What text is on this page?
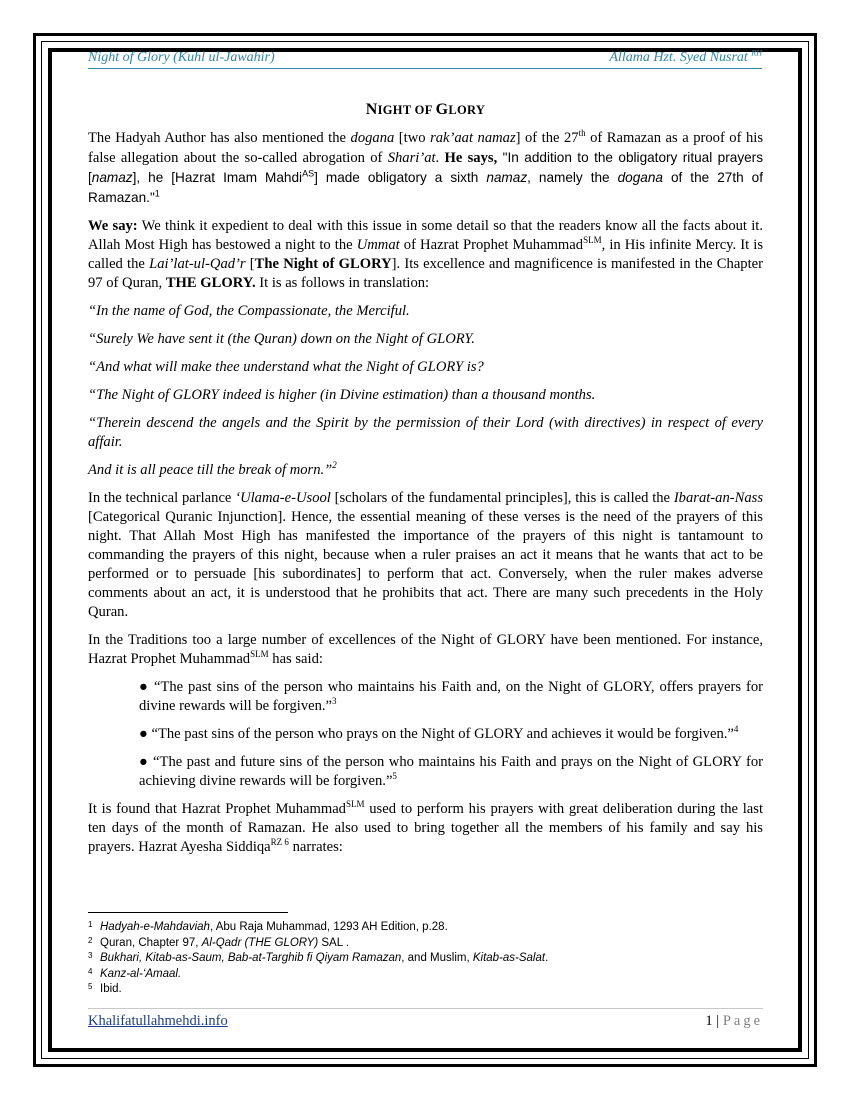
Night of Glory (Kuhl ul-Jawahir)	Allama Hzt. Syed Nusrat $^{RH}$
NIGHT OF GLORY

The Hadyah Author has also mentioned the dogana [two rak’aat namaz] of the 27th of Ramazan as a proof of his false allegation about the so-called abrogation of Shari’at. He says, "In addition to the obligatory ritual prayers [namaz], he [Hazrat Imam Mahdi$^{AS}$] made obligatory a sixth namaz, namely the dogana of the 27th of Ramazan."$^1$

We say: We think it expedient to deal with this issue in some detail so that the readers know all the facts about it. Allah Most High has bestowed a night to the Ummat of Hazrat Prophet Muhammad$^{SLM}$, in His infinite Mercy. It is called the Lai’lat-ul-Qad’r [The Night of GLORY]. Its excellence and magnificence is manifested in the Chapter 97 of Quran, THE GLORY. It is as follows in translation:

“In the name of God, the Compassionate, the Merciful.

“Surely We have sent it (the Quran) down on the Night of GLORY.

“And what will make thee understand what the Night of GLORY is?

“The Night of GLORY indeed is higher (in Divine estimation) than a thousand months.

“Therein descend the angels and the Spirit by the permission of their Lord (with directives) in respect of every affair.

And it is all peace till the break of morn.”$^2$

In the technical parlance ‘Ulama-e-Usool [scholars of the fundamental principles], this is called the Ibarat-an-Nass [Categorical Quranic Injunction]. Hence, the essential meaning of these verses is the need of the prayers of this night. That Allah Most High has manifested the importance of the prayers of this night is tantamount to commanding the prayers of this night, because when a ruler praises an act it means that he wants that act to be performed or to persuade [his subordinates] to perform that act. Conversely, when the ruler makes adverse comments about an act, it is understood that he prohibits that act. There are many such precedents in the Holy Quran.

In the Traditions too a large number of excellences of the Night of GLORY have been mentioned. For instance, Hazrat Prophet Muhammad$^{SLM}$ has said:

● “The past sins of the person who maintains his Faith and, on the Night of GLORY, offers prayers for divine rewards will be forgiven.”$^3$

● “The past sins of the person who prays on the Night of GLORY and achieves it would be forgiven.”$^4$

● “The past and future sins of the person who maintains his Faith and prays on the Night of GLORY for achieving divine rewards will be forgiven.”$^5$

It is found that Hazrat Prophet Muhammad$^{SLM}$ used to perform his prayers with great deliberation during the last ten days of the month of Ramazan. He also used to bring together all the members of his family and say his prayers. Hazrat Ayesha Siddiqa$^{RZ 6}$ narrates:

1 Hadyah-e-Mahdaviah, Abu Raja Muhammad, 1293 AH Edition, p.28.
2 Quran, Chapter 97, Al-Qadr (THE GLORY) SAL .
3 Bukhari, Kitab-as-Saum, Bab-at-Targhib fi Qiyam Ramazan, and Muslim, Kitab-as-Salat.
4 Kanz-al-‘Amaal.
5 Ibid.
Khalifatullahmehdi.info	1 | Page
